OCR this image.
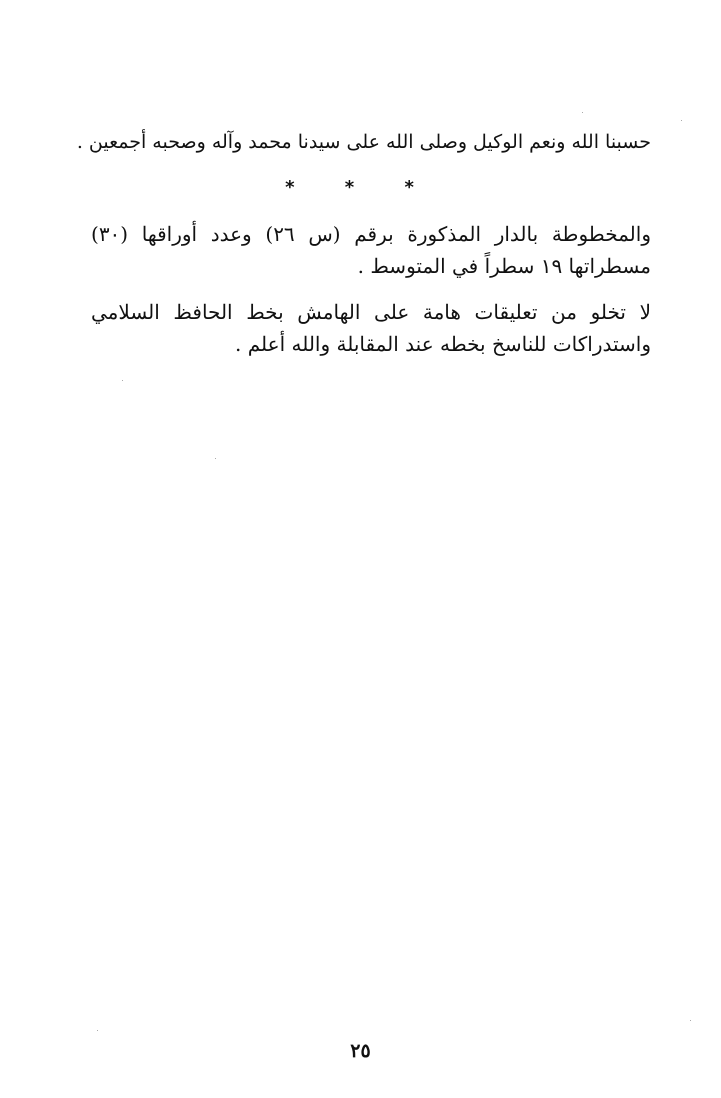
حسبنا الله ونعم الوكيل وصلى الله على سيدنا محمد وآله وصحبه أجمعين .
* * *

والمخطوطة بالدار المذكورة برقم (س ٢٦) وعدد أوراقها (٣٠) مسطراتها ١٩ سطراً في المتوسط .

لا تخلو من تعليقات هامة على الهامش بخط الحافظ السلامي واستدراكات للناسخ بخطه عند المقابلة والله أعلم .

٢٥
